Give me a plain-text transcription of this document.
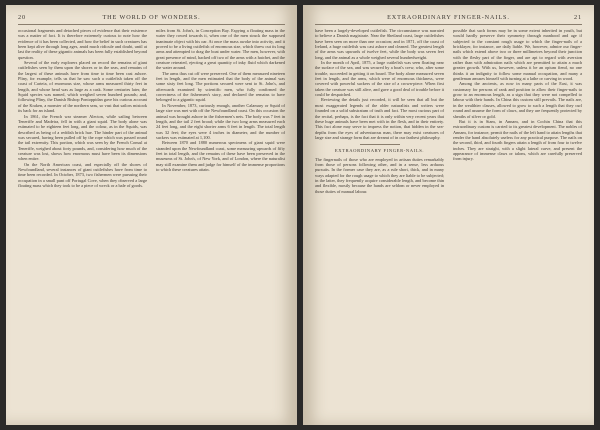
20	THE WORLD OF WONDERS.

occasional fragments and detached pieces of evidence that their existence was a matter of fact. It is therefore extremely curious to note how the evidence of it has been collected, and how the belief in such creatures has been kept alive through long ages, amid much ridicule and doubt, until at last the reality of these gigantic animals has been fully established beyond question.

Several of the early explorers placed on record the remains of giant cuttlefishes seen by them upon the shores or in the seas, and remains of the largest of these animals have from time to time been cast ashore. Pliny, for example, tells us that he saw such a cuttlefish taken off the coast of Carteia, of enormous size, whose arms measured thirty feet in length, and whose head was as large as a cask. Some centuries later, the Squid species was named, which weighed seven hundred pounds; and, following Pliny, the Danish Bishop Pontoppidan gave his curious account of the Kraken, a monster of the northern seas, so vast that sailors mistook its back for an island.

In 1861, the French war steamer Alecton, while sailing between Teneriffe and Madeira, fell in with a giant squid. The body alone was estimated to be eighteen feet long, and the colour, as in the Squids, was described as being of a reddish brick hue. The hinder part of the animal was secured, having been pulled off by the rope which was passed round the tail extremity. This portion, which was seen by the French Consul at Teneriffe, weighed about forty pounds, and, considering how much of the creature was lost, shows how enormous must have been its dimensions when entire.

On the North American coast, and especially off the shores of Newfoundland, several instances of giant cuttlefishes have from time to time been recorded. In October, 1873, two fishermen were pursuing their occupation in a small punt off Portugal Cove, when they observed a large floating mass which they took to be a piece of wreck or a bale of goods.

miles from St. John's, in Conception Bay. Espying a floating mass in the water they rowed towards it, when one of the men struck the supposed inanimate object with his oar. At once the mass awoke into activity, and it proved to be a living cuttlefish of enormous size, which threw out its long arms and attempted to drag the boat under water. The men, however, with great presence of mind, hacked off two of the arms with a hatchet, and the creature retreated, ejecting a great quantity of inky fluid which darkened the water around.

The arms thus cut off were preserved. One of them measured nineteen feet in length, and the men estimated that the body of the animal was some sixty feet long. The portions secured were sent to St. John's, and afterwards examined by scientific men, who fully confirmed the correctness of the fishermen's story, and declared the remains to have belonged to a gigantic squid.

In November, 1873, curiously enough, another Calamary or Squid of large size was met with off the Newfoundland coast. On this occasion the animal was brought ashore in the fishermen's nets. The body was 7 feet in length, and the tail 2 feet broad; while the two long arms measured each 24 feet long, and the eight shorter arms 6 feet in length. The total length was 32 feet; the eyes were 4 inches in diameter, and the number of suckers was estimated at 1,100.

Between 1870 and 1880 numerous specimens of giant squid were stranded upon the Newfoundland coast, some measuring upwards of fifty feet in total length, and the remains of these have been preserved in the museums of St. John's, of New York, and of London, where the naturalist may still examine them and judge for himself of the immense proportions to which these creatures attain.

EXTRAORDINARY FINGER-NAILS.	21

have been a largely-developed cuttlefish. The circumstance was narrated to believe a Danish magistrate. Near the Shetland coast, large cuttlefishes have been seen on more than one occasion; and in 1871, off the coast of Ireland, a huge cuttlefish was cast ashore and cleaned. The greatest length of the arms was upwards of twelve feet, while the body was seven feet long, and the animal as a whole weighed several hundredweight.

In the month of April, 1875, a large cuttlefish was seen floating near the surface of the sea, and was secured by a boat's crew, who, after some trouble, succeeded in getting it on board. The body alone measured seven feet in length, and the arms, which were of enormous thickness, were covered with powerful suckers of the size of a crown-piece. When first taken the creature was still alive, and gave a good deal of trouble before it could be despatched.

Reviewing the details just recorded, it will be seen that all but the most exaggerated legends of the older naturalists and writers were founded on a solid substratum of truth and fact. The most curious part of the recital, perhaps, is the fact that it is only within very recent years that these huge animals have been met with in the flesh, and in their entirety. This fact alone may serve to impress the notion, that hidden in the sea-depths from the eyes of adventurous man, there may exist creatures of large size and strange form that are dreamt of in our farthest philosophy.

EXTRAORDINARY FINGER-NAILS.

The fingernails of those who are employed in artisan duties remarkably from those of persons following other, and in a sense, less arduous pursuits. In the former case they are, as a rule short, thick, and in many ways adapted for the rough usage to which they are liable to be subjected; in the latter, they frequently acquire considerable length, and become thin and flexible, mostly because the hands are seldom or never employed in those duties of manual labour.

possible that such forms may be in some extent inherited in youth, but would hardly preserve their symmetry through manhood and age if subjected to the constant rough usage to which the finger-nails of a bricklayer, for instance, are daily liable. We, however, admire our finger-nails which extend above two or three millimetres beyond their junction with the fleshy part of the finger, and are apt to regard with aversion rather than with admiration nails which are permitted to attain a much greater growth. With us, however, unless it be an opium fiend, no one thinks it an indignity to follow some manual occupation, and many a gentleman amuses himself with turning at a lathe or carving in wood.

Among the ancients, as now in many parts of the East, it was customary for persons of rank and position to allow their finger-nails to grow to an enormous length, as a sign that they were not compelled to labour with their hands. In China this custom still prevails. The nails are, in the wealthier classes, allowed to grow to such a length that they curl round and assume the form of claws, and they are frequently protected by sheaths of silver or gold.

But it is in Siam, in Annam, and in Cochin China that this extraordinary custom is carried to its greatest development. The nobles of Annam, for instance, permit the nails of the left hand to attain lengths that render the hand absolutely useless for any practical purpose. The nails on the second, third, and fourth fingers attain a length of from four to twelve inches. They are straight, with a slight lateral curve, and present the appearance of immense claws or talons, which are carefully preserved from injury.
